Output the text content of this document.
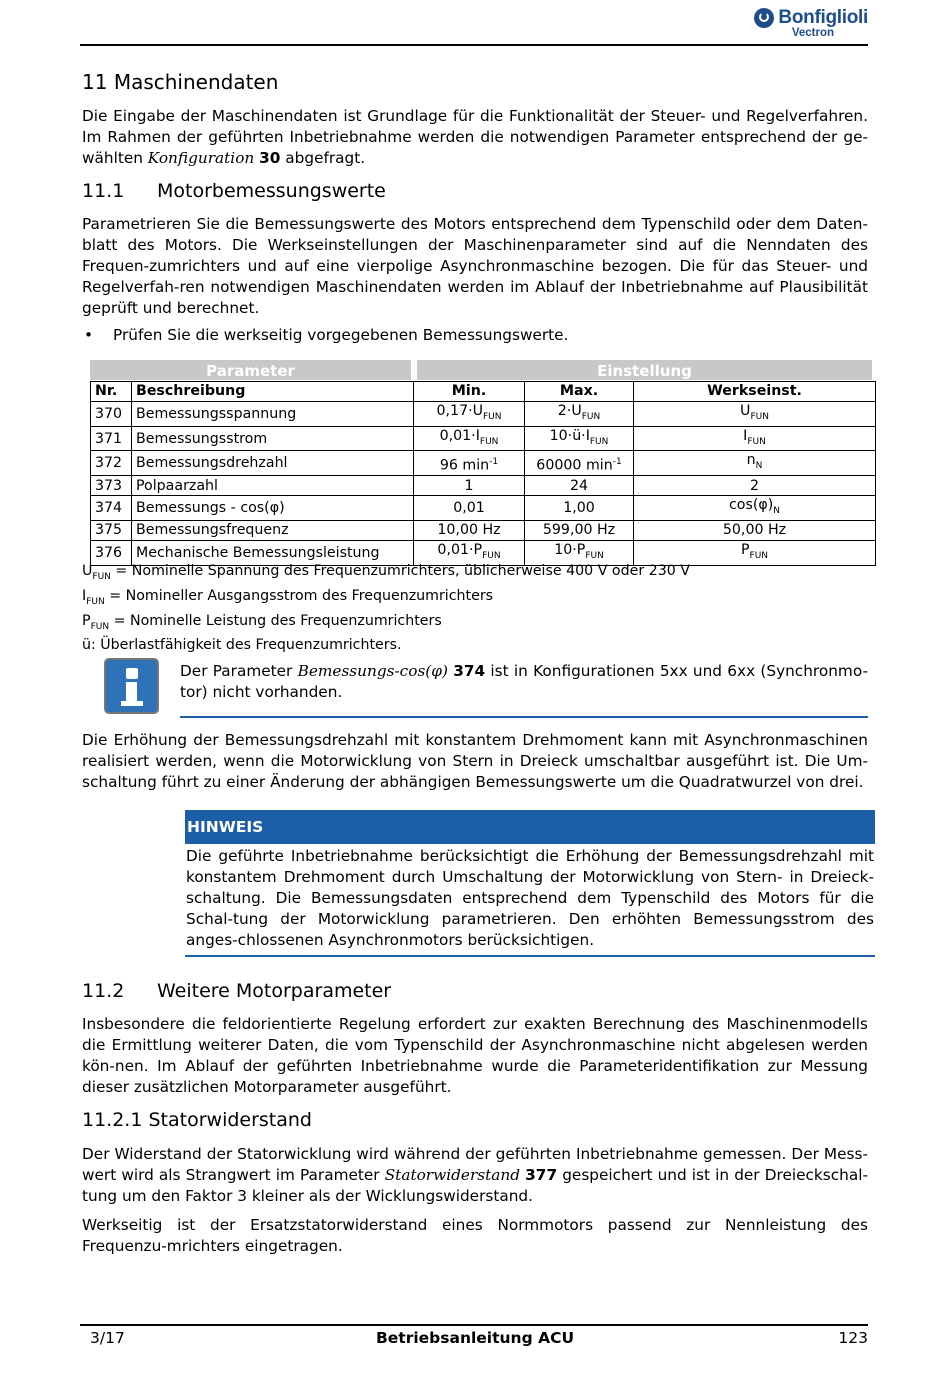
Bonfiglioli
Vectron
11 Maschinendaten
Die Eingabe der Maschinendaten ist Grundlage für die Funktionalität der Steuer- und Regelverfahren. Im Rahmen der geführten Inbetriebnahme werden die notwendigen Parameter entsprechend der ge-wählten Konfiguration 30 abgefragt.
11.1 Motorbemessungswerte
Parametrieren Sie die Bemessungswerte des Motors entsprechend dem Typenschild oder dem Daten-blatt des Motors. Die Werkseinstellungen der Maschinenparameter sind auf die Nenndaten des Frequen-zumrichters und auf eine vierpolige Asynchronmaschine bezogen. Die für das Steuer- und Regelverfah-ren notwendigen Maschinendaten werden im Ablauf der Inbetriebnahme auf Plausibilität geprüft und berechnet.
• Prüfen Sie die werkseitig vorgegebenen Bemessungswerte.
Parameter	Einstellung
Nr.	Beschreibung	Min.	Max.	Werkseinst.
370	Bemessungsspannung	$0,17\cdot U_{FUN}$	$2\cdot U_{FUN}$	$U_{FUN}$
371	Bemessungsstrom	$0,01\cdot I_{FUN}$	$10\cdot ü\cdot I_{FUN}$	$I_{FUN}$
372	Bemessungsdrehzahl	96 $\min^{-1}$	60000 $\min^{-1}$	$n_N$
373	Polpaarzahl	1	24	2
374	Bemessungs - cos(φ)	0,01	1,00	$\cos(\varphi)_N$
375	Bemessungsfrequenz	10,00 Hz	599,00 Hz	50,00 Hz
376	Mechanische Bemessungsleistung	$0,01\cdot P_{FUN}$	$10\cdot P_{FUN}$	$P_{FUN}$
$U_{FUN}$ = Nominelle Spannung des Frequenzumrichters, üblicherweise 400 V oder 230 V
$I_{FUN}$ = Nomineller Ausgangsstrom des Frequenzumrichters
$P_{FUN}$ = Nominelle Leistung des Frequenzumrichters
ü: Überlastfähigkeit des Frequenzumrichters.
Der Parameter Bemessungs-cos(φ) 374 ist in Konfigurationen 5xx und 6xx (Synchronmo-tor) nicht vorhanden.
Die Erhöhung der Bemessungsdrehzahl mit konstantem Drehmoment kann mit Asynchronmaschinen realisiert werden, wenn die Motorwicklung von Stern in Dreieck umschaltbar ausgeführt ist. Die Um-schaltung führt zu einer Änderung der abhängigen Bemessungswerte um die Quadratwurzel von drei.
HINWEIS
Die geführte Inbetriebnahme berücksichtigt die Erhöhung der Bemessungsdrehzahl mit konstantem Drehmoment durch Umschaltung der Motorwicklung von Stern- in Dreieck-schaltung. Die Bemessungsdaten entsprechend dem Typenschild des Motors für die Schal-tung der Motorwicklung parametrieren. Den erhöhten Bemessungsstrom des anges-chlossenen Asynchronmotors berücksichtigen.
11.2 Weitere Motorparameter
Insbesondere die feldorientierte Regelung erfordert zur exakten Berechnung des Maschinenmodells die Ermittlung weiterer Daten, die vom Typenschild der Asynchronmaschine nicht abgelesen werden kön-nen. Im Ablauf der geführten Inbetriebnahme wurde die Parameteridentifikation zur Messung dieser zusätzlichen Motorparameter ausgeführt.
11.2.1 Statorwiderstand
Der Widerstand der Statorwicklung wird während der geführten Inbetriebnahme gemessen. Der Mess-wert wird als Strangwert im Parameter Statorwiderstand 377 gespeichert und ist in der Dreieckschal-tung um den Faktor 3 kleiner als der Wicklungswiderstand.
Werkseitig ist der Ersatzstatorwiderstand eines Normmotors passend zur Nennleistung des Frequenzu-mrichters eingetragen.
3/17	Betriebsanleitung ACU	123
